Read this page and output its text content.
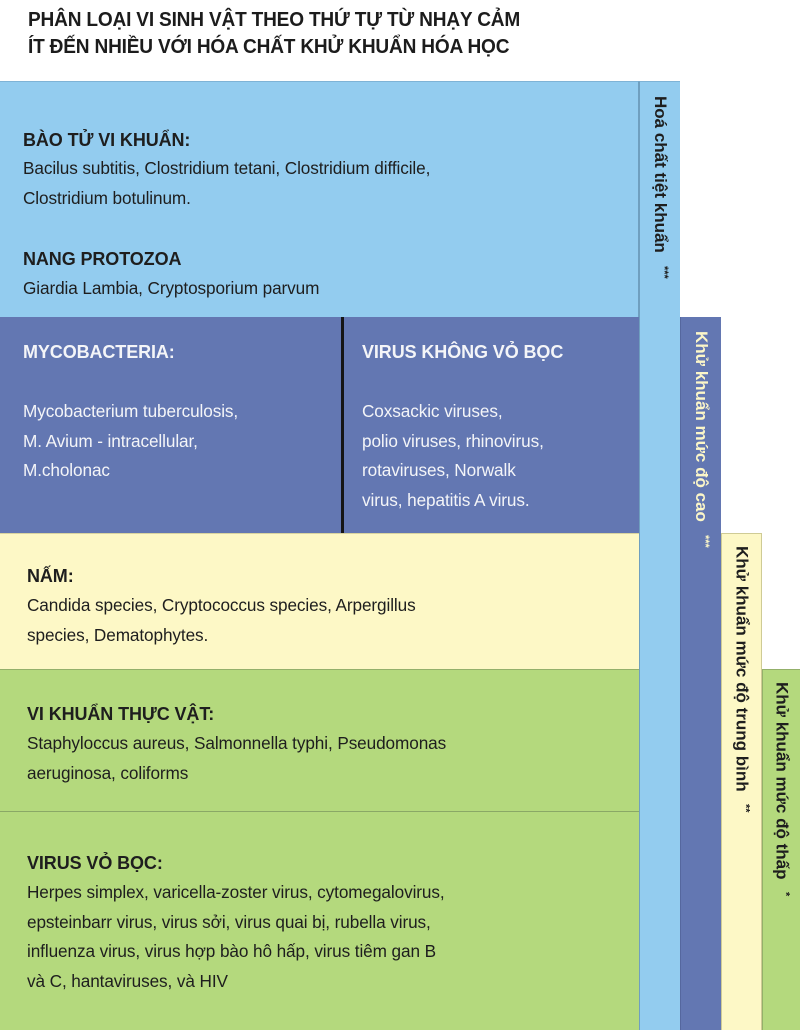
PHÂN LOẠI VI SINH VẬT THEO THỨ TỰ TỪ NHẠY CẢM
ÍT ĐẾN NHIỀU VỚI HÓA CHẤT KHỬ KHUẨN HÓA HỌC
BÀO TỬ VI KHUẨN:
Bacilus subtitis, Clostridium tetani, Clostridium difficile,
Clostridium botulinum.
NANG PROTOZOA
Giardia Lambia, Cryptosporium parvum
MYCOBACTERIA:
Mycobacterium tuberculosis,
M. Avium - intracellular,
M.cholonac
VIRUS KHÔNG VỎ BỌC
Coxsackic viruses,
polio viruses, rhinovirus,
rotaviruses, Norwalk
virus, hepatitis A virus.
NẤM:
Candida species, Cryptococcus species, Arpergillus
species, Dematophytes.
VI KHUẨN THỰC VẬT:
Staphyloccus aureus, Salmonnella typhi, Pseudomonas
aeruginosa, coliforms
VIRUS VỎ BỌC:
Herpes simplex, varicella-zoster virus, cytomegalovirus,
epsteinbarr virus, virus sởi, virus quai bị, rubella virus,
influenza virus, virus hợp bào hô hấp, virus tiêm gan B
và C, hantaviruses, và HIV
Hoá chất tiệt khuẩn ***
Khử khuẩn mức độ cao ***
Khử khuẩn mức độ trung bình ** Khử khuẩn mức độ thấp *
